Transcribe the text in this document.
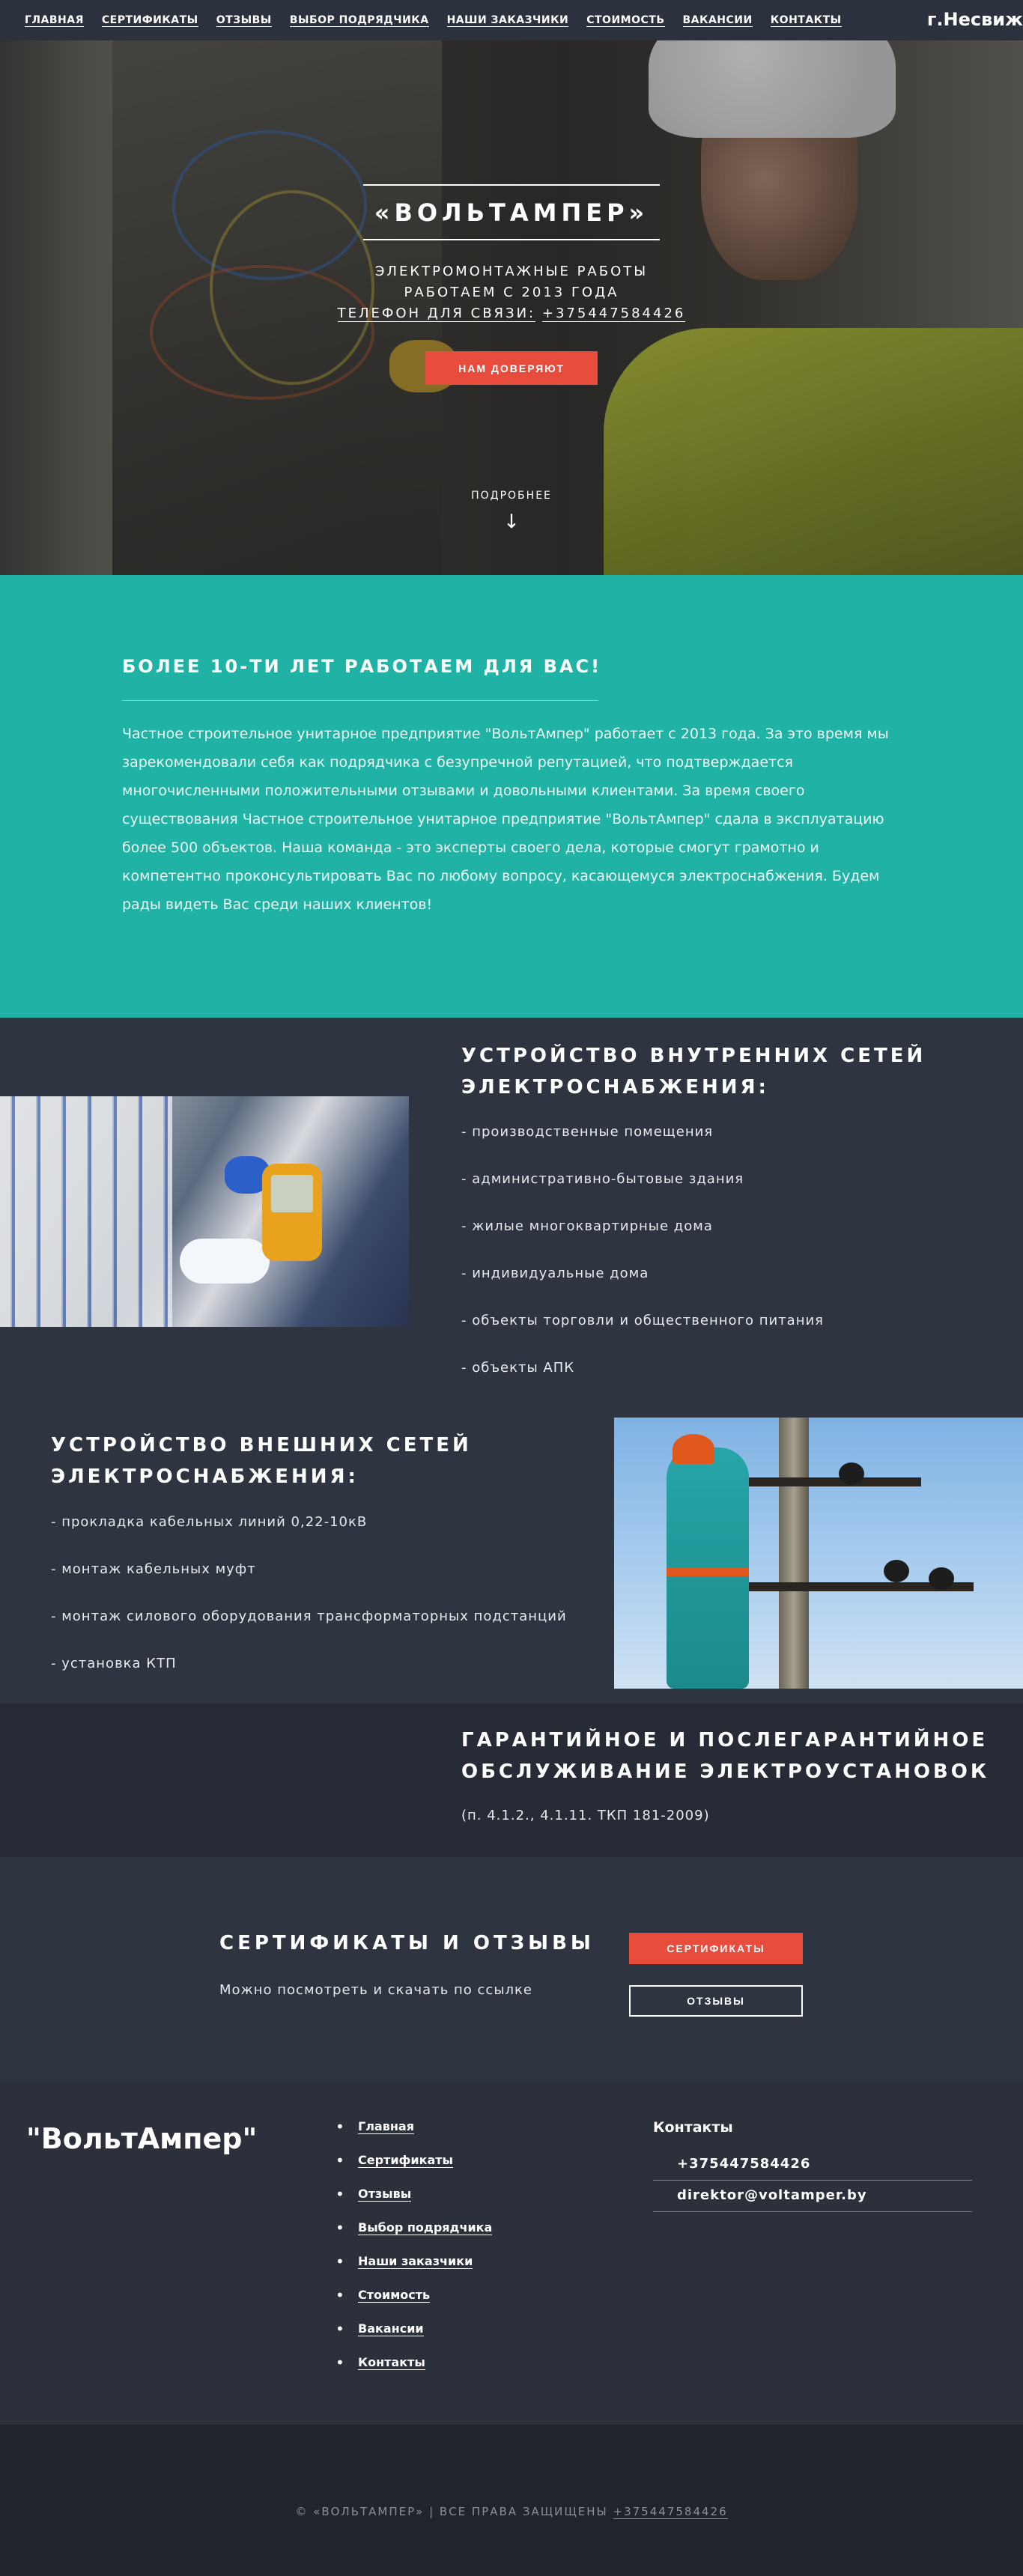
ГЛАВНАЯ СЕРТИФИКАТЫ ОТЗЫВЫ ВЫБОР ПОДРЯДЧИКА НАШИ ЗАКАЗЧИКИ СТОИМОСТЬ ВАКАНСИИ КОНТАКТЫ	г.Несвиж
«ВОЛЬТАМПЕР»
ЭЛЕКТРОМОНТАЖНЫЕ РАБОТЫ
РАБОТАЕМ С 2013 ГОДА
ТЕЛЕФОН ДЛЯ СВЯЗИ: +375447584426
НАМ ДОВЕРЯЮТ
ПОДРОБНЕЕ
↓
БОЛЕЕ 10-ТИ ЛЕТ РАБОТАЕМ ДЛЯ ВАС!

Частное строительное унитарное предприятие "ВольтАмпер" работает с 2013 года. За это время мы зарекомендовали себя как подрядчика с безупречной репутацией, что подтверждается многочисленными положительными отзывами и довольными клиентами. За время своего существования Частное строительное унитарное предприятие "ВольтАмпер" сдала в эксплуатацию более 500 объектов. Наша команда - это эксперты своего дела, которые смогут грамотно и компетентно проконсультировать Вас по любому вопросу, касающемуся электроснабжения. Будем рады видеть Вас среди наших клиентов!

УСТРОЙСТВО ВНУТРЕННИХ СЕТЕЙ
ЭЛЕКТРОСНАБЖЕНИЯ:
- производственные помещения
- административно-бытовые здания
- жилые многоквартирные дома
- индивидуальные дома
- объекты торговли и общественного питания
- объекты АПК
УСТРОЙСТВО ВНЕШНИХ СЕТЕЙ
ЭЛЕКТРОСНАБЖЕНИЯ:
- прокладка кабельных линий 0,22-10кВ
- монтаж кабельных муфт
- монтаж силового оборудования трансформаторных подстанций
- установка КТП
ГАРАНТИЙНОЕ И ПОСЛЕГАРАНТИЙНОЕ
ОБСЛУЖИВАНИЕ ЭЛЕКТРОУСТАНОВОК
(п. 4.1.2., 4.1.11. ТКП 181-2009)
СЕРТИФИКАТЫ И ОТЗЫВЫ

Можно посмотреть и скачать по ссылке

СЕРТИФИКАТЫ
ОТЗЫВЫ
"ВольтАмпер"
•	Главная
• Сертификаты
• Отзывы
• Выбор подрядчика
• Наши заказчики
• Стоимость
• Вакансии
• Контакты
Контакты
+375447584426
direktor@voltamper.by
© «ВОЛЬТАМПЕР» | ВСЕ ПРАВА ЗАЩИЩЕНЫ +375447584426
